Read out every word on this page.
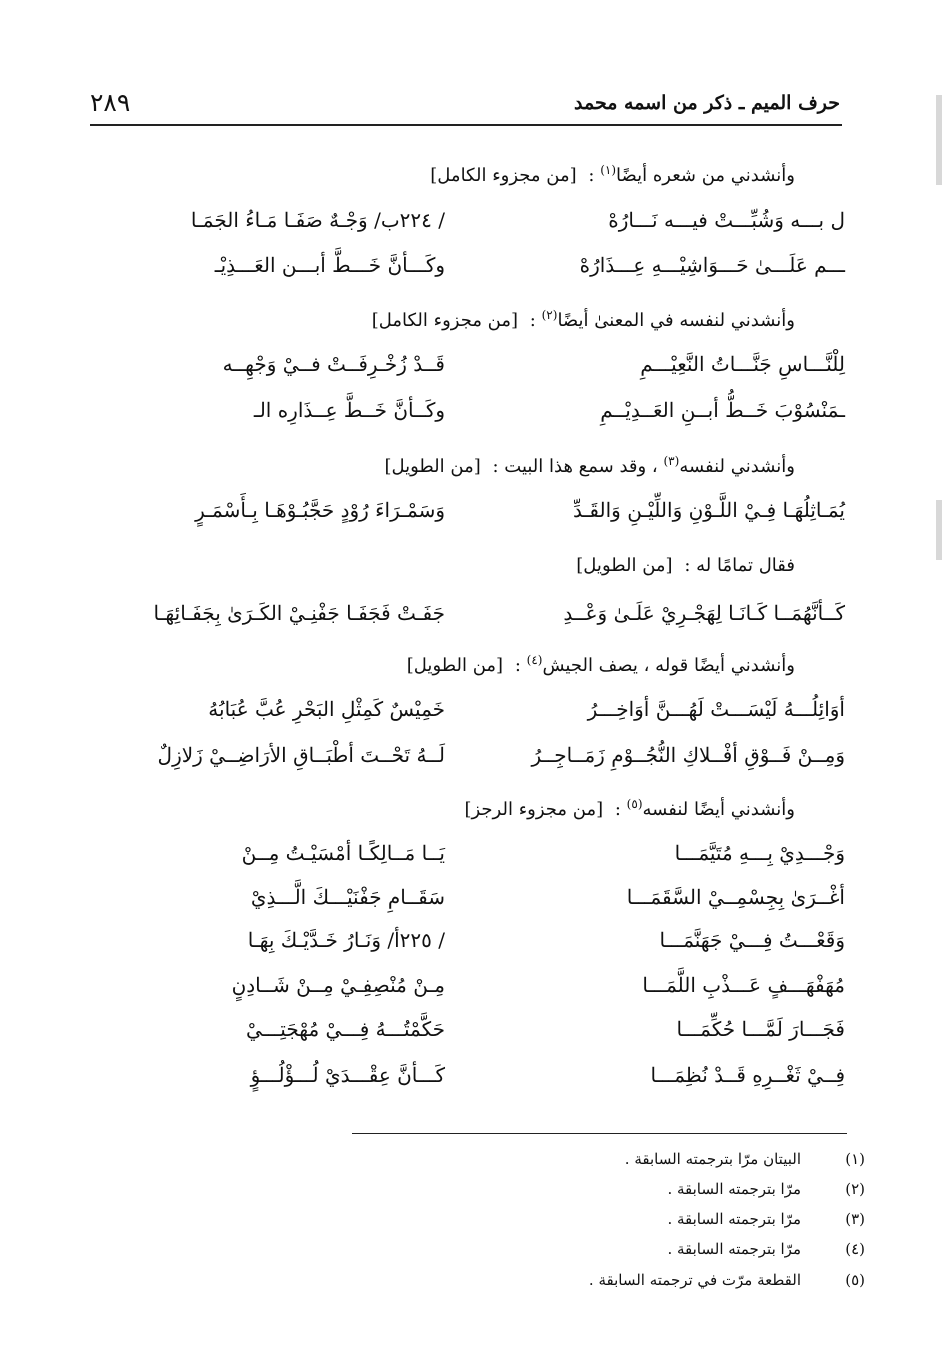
حرف الميم ـ ذكر من اسمه محمد
٢٨٩
وأنشدني من شعره أيضًا$^{(١)}$ : [من مجزوء الكامل]
/ ٢٢٤ب/ وَجْـهٌ صَفَـا مَـاءُ الجَمَـا	ل بـــه وَشُبِّـــتْ فيـــه نَـــارُهْ
وكَـــأنَّ خَـــطَّ أبـــن العَـــذِيْـ	ـــم عَلَـــىٰ حَـــوَاشِيْـــهِ عِـــذَارُهْ
وأنشدني لنفسه في المعنىٰ أيضًا$^{(٢)}$ : [من مجزوء الكامل]
قَــدْ زُخْـرِفَــتْ فــيْ وَجْهِــه	لِلْنَّـــاسِ جَنَّـــاتُ النَّعِيْـــمِ
وكَــأنَّ خَــطَّ عِــذَارِه الـ	ـمَنْسُوْبَ خَــطُّ أبــنِ العَــدِيْــمِ
وأنشدني لنفسه$^{(٣)}$ ، وقد سمع هذا البيت : [من الطويل]
وَسَمْـرَاءَ رُوْدٍ حَجَّبُـوْهَـا بِـأَسْمَـرٍ	يُمَـاثِلُهَـا فِـيْ اللَّـوْنِ وَاللِّيْـنِ وَالقَـدِّ
فقال تمامًا له : [من الطويل]
جَفَـتْ فَجَفَـا جَفْنِـيْ الكَـرَىٰ بِجَفَـائِهَـا	كَــأنَّهُمَــا كَـانَـا لِهَجْـرِيْ عَلَـىٰ وَعْــدِ
وأنشدني أيضًا قوله ، يصف الجيش$^{(٤)}$ : [من الطويل]
خَمِيْسٌ كَمِثْلِ البَحْرِ عُبَّ عُبَابُهُ	أوَائِلُـــهُ لَيْسَـــتْ لَهُـــنَّ أوَاخِـــرُ
لَــهُ تَحْــتَ أطْبَــاقِ الأرَاضِــيْ زَلازِلٌ	وَمِــنْ فَــوْقِ أفْــلاكِ النُّجُــوْمِ زَمَــاجِــرُ
وأنشدني أيضًا لنفسه$^{(٥)}$ : [من مجزوء الرجز]
يَــا مَــالِكًـا أمْسَيْـتُ مِــنْ	وَجْـــدِيْ بِـــهِ مُتَيَّمَـــا
سَقَــامِ جَفْنَيْـــكَ الَّـــذِيْ	أغْــرَىٰ بِجِسْمِــيْ السَّقَمَـــا
/ ٢٢٥أ/ وَنَـارُ خَـدَّيْـكَ بِهَـا	وَقَعْـــتُ فِـــيْ جَهَنَّمَـــا
مِـنْ مُنْصِفِـيْ مِــنْ شَــادِنٍ	مُهَفْهَـــفٍ عَـــذْبِ اللَّمَـــا
حَكَّمْتُـــهُ فِـــيْ مُهْجَتِـــيْ	فَجَـــارَ لَمَّـــا حُكِّمَـــا
كَـــأنَّ عِقْـــدَيْ لُـــؤْلُـــؤٍ	فِــيْ ثَغْــرِهِ قَــدْ نُظِمَـــا
(١)البيتان مرّا بترجمته السابقة .
(٢)مرّا بترجمته السابقة .
(٣)مرّا بترجمته السابقة .
(٤)مرّا بترجمته السابقة .
(٥)القطعة مرّت في ترجمته السابقة .
